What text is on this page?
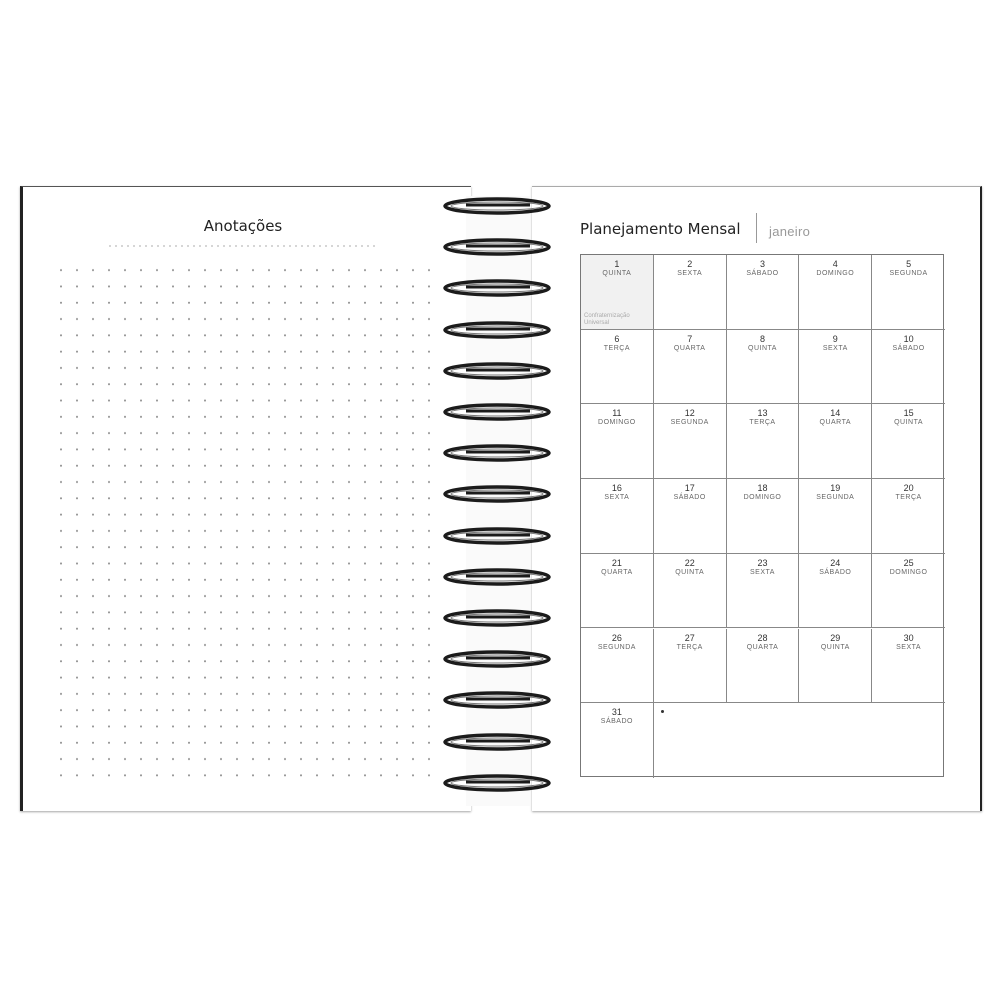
Anotações	Planejamento Mensal janeiro
31
SÁBADO
30
SEXTA
29
QUINTA
28
QUARTA
27
TERÇA
26
SEGUNDA
25
DOMINGO
24
SÁBADO
23
SEXTA
22
QUINTA
21
QUARTA
20
TERÇA
19
SEGUNDA
18
DOMINGO
17
SÁBADO
16
SEXTA
15
QUINTA
14
QUARTA
13
TERÇA
12
SEGUNDA
11
DOMINGO
10
SÁBADO
9
SEXTA
8
QUINTA
7
QUARTA
6
TERÇA
5
SEGUNDA
4
DOMINGO
3
SÁBADO
2
SEXTA
1
QUINTA
Confraternização Universal
